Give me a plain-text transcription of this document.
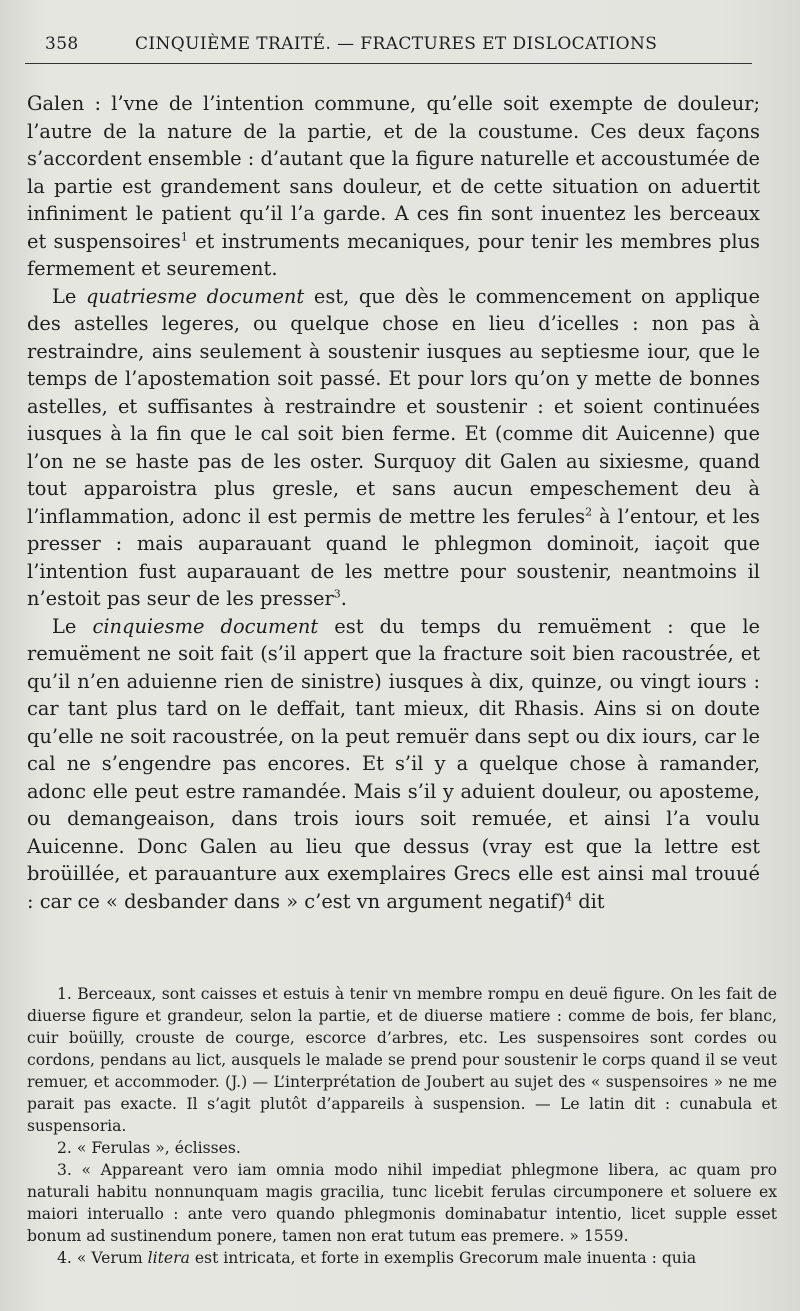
358	CINQUIÈME TRAITÉ. — FRACTURES ET DISLOCATIONS

Galen : l’vne de l’intention commune, qu’elle soit exempte de douleur; l’autre de la nature de la partie, et de la coustume. Ces deux façons s’accordent ensemble : d’autant que la figure naturelle et accoustumée de la partie est grandement sans douleur, et de cette situation on aduertit infiniment le patient qu’il l’a garde. A ces fin sont inuentez les berceaux et suspensoires$^1$ et instruments mecaniques, pour tenir les membres plus fermement et seurement.

Le quatriesme document est, que dès le commencement on applique des astelles legeres, ou quelque chose en lieu d’icelles : non pas à restraindre, ains seulement à soustenir iusques au septiesme iour, que le temps de l’apostemation soit passé. Et pour lors qu’on y mette de bonnes astelles, et suffisantes à restraindre et soustenir : et soient continuées iusques à la fin que le cal soit bien ferme. Et (comme dit Auicenne) que l’on ne se haste pas de les oster. Surquoy dit Galen au sixiesme, quand tout apparoistra plus gresle, et sans aucun empeschement deu à l’inflammation, adonc il est permis de mettre les ferules$^2$ à l’entour, et les presser : mais auparauant quand le phlegmon dominoit, iaçoit que l’intention fust auparauant de les mettre pour soustenir, neantmoins il n’estoit pas seur de les presser$^3$.

Le cinquiesme document est du temps du remuëment : que le remuëment ne soit fait (s’il appert que la fracture soit bien racoustrée, et qu’il n’en aduienne rien de sinistre) iusques à dix, quinze, ou vingt iours : car tant plus tard on le deffait, tant mieux, dit Rhasis. Ains si on doute qu’elle ne soit racoustrée, on la peut remuër dans sept ou dix iours, car le cal ne s’engendre pas encores. Et s’il y a quelque chose à ramander, adonc elle peut estre ramandée. Mais s’il y aduient douleur, ou aposteme, ou demangeaison, dans trois iours soit remuée, et ainsi l’a voulu Auicenne. Donc Galen au lieu que dessus (vray est que la lettre est broüillée, et parauanture aux exemplaires Grecs elle est ainsi mal trouué : car ce « desbander dans » c’est vn argument negatif)$^4$ dit

1. Berceaux, sont caisses et estuis à tenir vn membre rompu en deuë figure. On les fait de diuerse figure et grandeur, selon la partie, et de diuerse matiere : comme de bois, fer blanc, cuir boüilly, crouste de courge, escorce d’arbres, etc. Les suspensoires sont cordes ou cordons, pendans au lict, ausquels le malade se prend pour soustenir le corps quand il se veut remuer, et accommoder. (J.) — L’interprétation de Joubert au sujet des « suspensoires » ne me parait pas exacte. Il s’agit plutôt d’appareils à suspension. — Le latin dit : cunabula et suspensoria.

2. « Ferulas », éclisses.

3. « Appareant vero iam omnia modo nihil impediat phlegmone libera, ac quam pro naturali habitu nonnunquam magis gracilia, tunc licebit ferulas circumponere et soluere ex maiori interuallo : ante vero quando phlegmonis dominabatur intentio, licet supple esset bonum ad sustinendum ponere, tamen non erat tutum eas premere. » 1559.

4. « Verum litera est intricata, et forte in exemplis Grecorum male inuenta : quia
